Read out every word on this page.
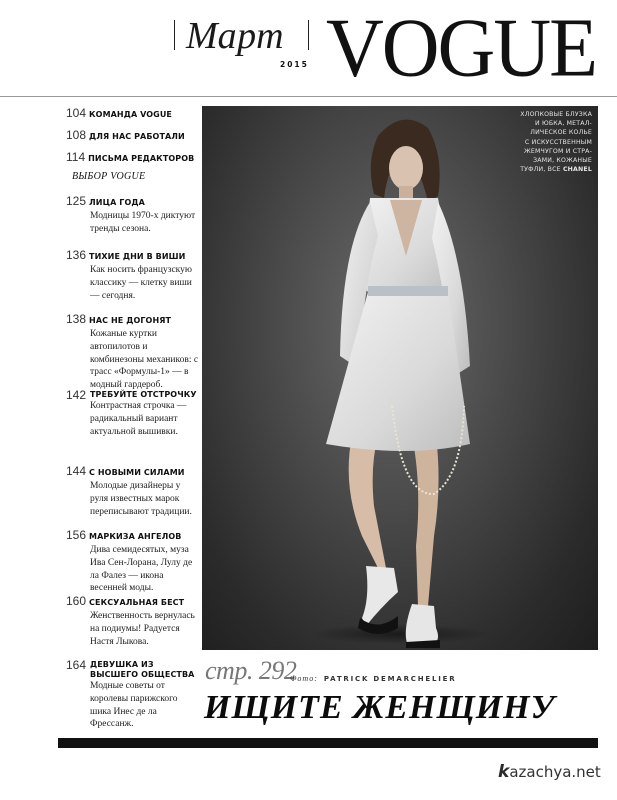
Март
2015 VOGUE
104 КОМАНДА VOGUE
108 ДЛЯ НАС РАБОТАЛИ
114 ПИСЬМА РЕДАКТОРОВ
ВЫБОР VOGUE
125 ЛИЦА ГОДА
Модницы 1970-х диктуют тренды сезона.
136 ТИХИЕ ДНИ В ВИШИ
Как носить французскую классику — клетку виши — сегодня.
138 НАС НЕ ДОГОНЯТ
Кожаные куртки автопилотов и комбинезоны механиков: с трасс «Формулы-1» — в модный гардероб.
142 ТРЕБУЙТЕ ОТСТРОЧКУ
Контрастная строчка — радикальный вариант актуальной вышивки.
144 С НОВЫМИ СИЛАМИ
Молодые дизайнеры у руля известных марок переписывают традиции.
156 МАРКИЗА АНГЕЛОВ
Дива семидесятых, муза Ива Сен-Лорана, Лулу де ла Фалез — икона весенней моды.
160 СЕКСУАЛЬНАЯ БЕСТ
Женственность вернулась на подиумы! Радуется Настя Лыкова.
164 ДЕВУШКА ИЗ ВЫСШЕГО ОБЩЕСТВА
Модные советы от королевы парижского шика Инес де ла Фрессанж.
ХЛОПКОВЫЕ БЛУЗКА
И ЮБКА, МЕТАЛ-
ЛИЧЕСКОЕ КОЛЬЕ
С ИСКУССТВЕННЫМ
ЖЕМЧУГОМ И СТРА-
ЗАМИ, КОЖАНЫЕ
ТУФЛИ, ВСЕ CHANEL
стр. 292
Фото: PATRICK DEMARCHELIER
ИЩИТЕ ЖЕНЩИНУ
kazachya.net
